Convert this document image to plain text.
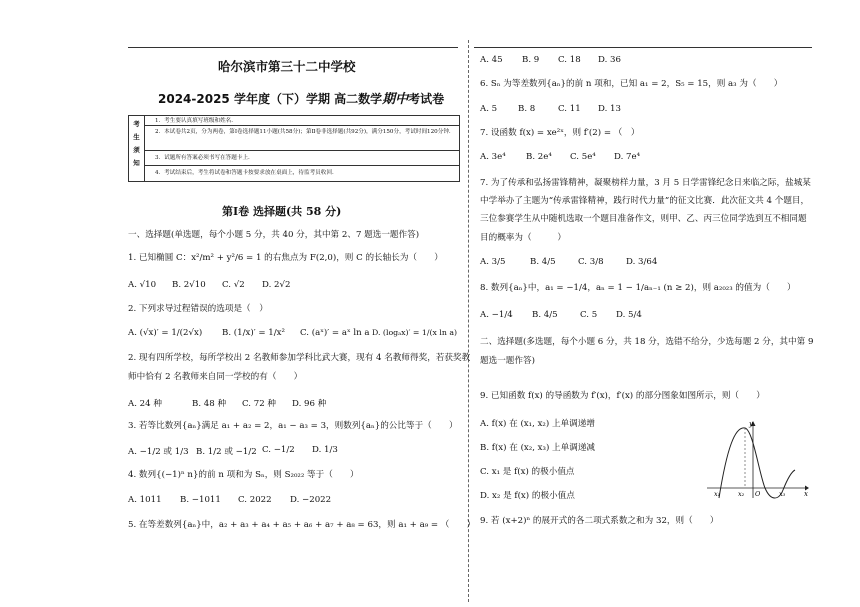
哈尔滨市第三十二中学校
2024-2025 学年度（下）学期 高二数学期中考试卷
考
生
须
知
1．考生要认真填写班级和姓名.
2．本试卷共2页，分为两卷，第Ⅰ卷选择题11小题(共58分)；第Ⅱ卷非选择题(共92分)，满分150分，考试时间120分钟.
3．试题所有答案必须书写在答题卡上.
4．考试结束后，考生将试卷和答题卡按要求放在桌面上，待监考员收回.
第Ⅰ卷 选择题(共 58 分)
一、选择题(单选题，每个小题 5 分，共 40 分，其中第 2、7 题选一题作答)
1. 已知椭圆 C：x²/m² + y²/6 = 1 的右焦点为 F(2,0)，则 C 的长轴长为（　　）
A. √10 B. 2√10 C. √2 D. 2√2
2. 下列求导过程错误的选项是（　）
A. (√x)′ = 1/(2√x) B. (1/x)′ = 1/x² C. (aˣ)′ = aˣ ln a D. (logₐx)′ = 1/(x ln a)
2. 现有四所学校，每所学校出 2 名教师参加学科比武大赛，现有 4 名教师得奖，若获奖教
师中恰有 2 名教师来自同一学校的有（　　）
A. 24 种	B. 48 种 C. 72 种 D. 96 种
3. 若等比数列{aₙ}满足 a₁ + a₂ = 2，a₁ − a₃ = 3，则数列{aₙ}的公比等于（　　）
A. −1/2 或 1/3 B. 1/2 或 −1/2 C. −1/2 D. 1/3
4. 数列{(−1)ⁿ n}的前 n 项和为 Sₙ，则 S₂₀₂₂ 等于（　　）
A. 1011 B. −1011 C. 2022 D. −2022
5. 在等差数列{aₙ}中，a₂ + a₃ + a₄ + a₅ + a₆ + a₇ + a₈ = 63，则 a₁ + a₉ = （　　）
A. 45 B. 9 C. 18 D. 36
6. Sₙ 为等差数列{aₙ}的前 n 项和，已知 a₁ = 2，S₅ = 15，则 a₃ 为（　　）
A. 5 B. 8	C. 11 D. 13
7. 设函数 f(x) = xe²ˣ，则 f′(2) = （　）
A. 3e⁴ B. 2e⁴ C. 5e⁴ D. 7e⁴
7. 为了传承和弘扬雷锋精神，凝聚榜样力量，3 月 5 日学雷锋纪念日来临之际，盐城某
中学举办了主题为“传承雷锋精神，践行时代力量”的征文比赛．此次征文共 4 个题目，
三位参赛学生从中随机选取一个题目准备作文，则甲、乙、丙三位同学选到互不相同题
目的概率为（　　　）
A. 3/5	B. 4/5	C. 3/8	D. 3/64
8. 数列{aₙ}中，a₁ = −1/4，aₙ = 1 − 1/aₙ₋₁ (n ≥ 2)，则 a₂₀₂₃ 的值为（　　）
A. −1/4 B. 4/5	C. 5 D. 5/4
二、选择题(多选题，每个小题 6 分，共 18 分，选错不给分，少选每题 2 分，其中第 9
题选一题作答)
9. 已知函数 f(x) 的导函数为 f′(x)，f′(x) 的部分图象如图所示，则（　　）
A. f(x) 在 (x₁, x₂) 上单调递增
B. f(x) 在 (x₂, x₃) 上单调递减
C. x₁ 是 f(x) 的极小值点
D. x₂ 是 f(x) 的极小值点
y
x
O
x₁	x₂	x₃
9. 若 (x+2)ⁿ 的展开式的各二项式系数之和为 32，则（　　）
